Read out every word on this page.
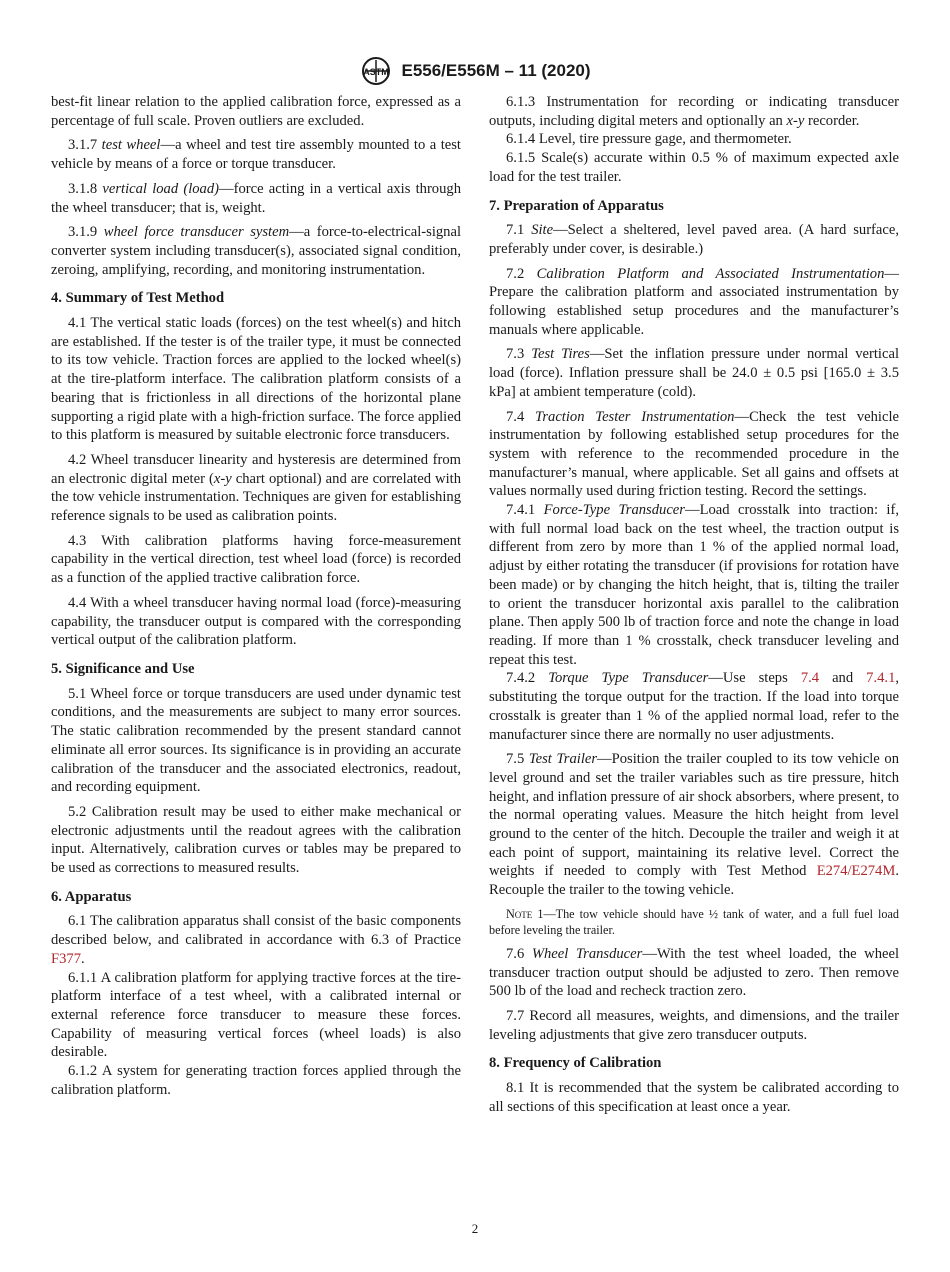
ASTM E556/E556M – 11 (2020)

best-fit linear relation to the applied calibration force, expressed as a percentage of full scale. Proven outliers are excluded.

3.1.7 test wheel—a wheel and test tire assembly mounted to a test vehicle by means of a force or torque transducer.

3.1.8 vertical load (load)—force acting in a vertical axis through the wheel transducer; that is, weight.

3.1.9 wheel force transducer system—a force-to-electrical-signal converter system including transducer(s), associated signal condition, zeroing, amplifying, recording, and monitoring instrumentation.

4. Summary of Test Method

4.1 The vertical static loads (forces) on the test wheel(s) and hitch are established. If the tester is of the trailer type, it must be connected to its tow vehicle. Traction forces are applied to the locked wheel(s) at the tire-platform interface. The calibration platform consists of a bearing that is frictionless in all directions of the horizontal plane supporting a rigid plate with a high-friction surface. The force applied to this platform is measured by suitable electronic force transducers.

4.2 Wheel transducer linearity and hysteresis are determined from an electronic digital meter (x-y chart optional) and are correlated with the tow vehicle instrumentation. Techniques are given for establishing reference signals to be used as calibration points.

4.3 With calibration platforms having force-measurement capability in the vertical direction, test wheel load (force) is recorded as a function of the applied tractive calibration force.

4.4 With a wheel transducer having normal load (force)-measuring capability, the transducer output is compared with the corresponding vertical output of the calibration platform.

5. Significance and Use

5.1 Wheel force or torque transducers are used under dynamic test conditions, and the measurements are subject to many error sources. The static calibration recommended by the present standard cannot eliminate all error sources. Its significance is in providing an accurate calibration of the transducer and the associated electronics, readout, and recording equipment.

5.2 Calibration result may be used to either make mechanical or electronic adjustments until the readout agrees with the calibration input. Alternatively, calibration curves or tables may be prepared to be used as corrections to measured results.

6. Apparatus

6.1 The calibration apparatus shall consist of the basic components described below, and calibrated in accordance with 6.3 of Practice F377.

6.1.1 A calibration platform for applying tractive forces at the tire-platform interface of a test wheel, with a calibrated internal or external reference force transducer to measure these forces. Capability of measuring vertical forces (wheel loads) is also desirable.

6.1.2 A system for generating traction forces applied through the calibration platform.

6.1.3 Instrumentation for recording or indicating transducer outputs, including digital meters and optionally an x-y recorder.

6.1.4 Level, tire pressure gage, and thermometer.

6.1.5 Scale(s) accurate within 0.5 % of maximum expected axle load for the test trailer.

7. Preparation of Apparatus

7.1 Site—Select a sheltered, level paved area. (A hard surface, preferably under cover, is desirable.)

7.2 Calibration Platform and Associated Instrumentation—Prepare the calibration platform and associated instrumentation by following established setup procedures and the manufacturer’s manuals where applicable.

7.3 Test Tires—Set the inflation pressure under normal vertical load (force). Inflation pressure shall be 24.0 ± 0.5 psi [165.0 ± 3.5 kPa] at ambient temperature (cold).

7.4 Traction Tester Instrumentation—Check the test vehicle instrumentation by following established setup procedures for the system with reference to the recommended procedure in the manufacturer’s manual, where applicable. Set all gains and offsets at values normally used during friction testing. Record the settings.

7.4.1 Force-Type Transducer—Load crosstalk into traction: if, with full normal load back on the test wheel, the traction output is different from zero by more than 1 % of the applied normal load, adjust by either rotating the transducer (if provisions for rotation have been made) or by changing the hitch height, that is, tilting the trailer to orient the transducer horizontal axis parallel to the calibration plane. Then apply 500 lb of traction force and note the change in load reading. If more than 1 % crosstalk, check transducer leveling and repeat this test.

7.4.2 Torque Type Transducer—Use steps 7.4 and 7.4.1, substituting the torque output for the traction. If the load into torque crosstalk is greater than 1 % of the applied normal load, refer to the manufacturer since there are normally no user adjustments.

7.5 Test Trailer—Position the trailer coupled to its tow vehicle on level ground and set the trailer variables such as tire pressure, hitch height, and inflation pressure of air shock absorbers, where present, to the normal operating values. Measure the hitch height from level ground to the center of the hitch. Decouple the trailer and weigh it at each point of support, maintaining its relative level. Correct the weights if needed to comply with Test Method E274/E274M. Recouple the trailer to the towing vehicle.

Note 1—The tow vehicle should have ½ tank of water, and a full fuel load before leveling the trailer.

7.6 Wheel Transducer—With the test wheel loaded, the wheel transducer traction output should be adjusted to zero. Then remove 500 lb of the load and recheck traction zero.

7.7 Record all measures, weights, and dimensions, and the trailer leveling adjustments that give zero transducer outputs.

8. Frequency of Calibration

8.1 It is recommended that the system be calibrated according to all sections of this specification at least once a year.

2
